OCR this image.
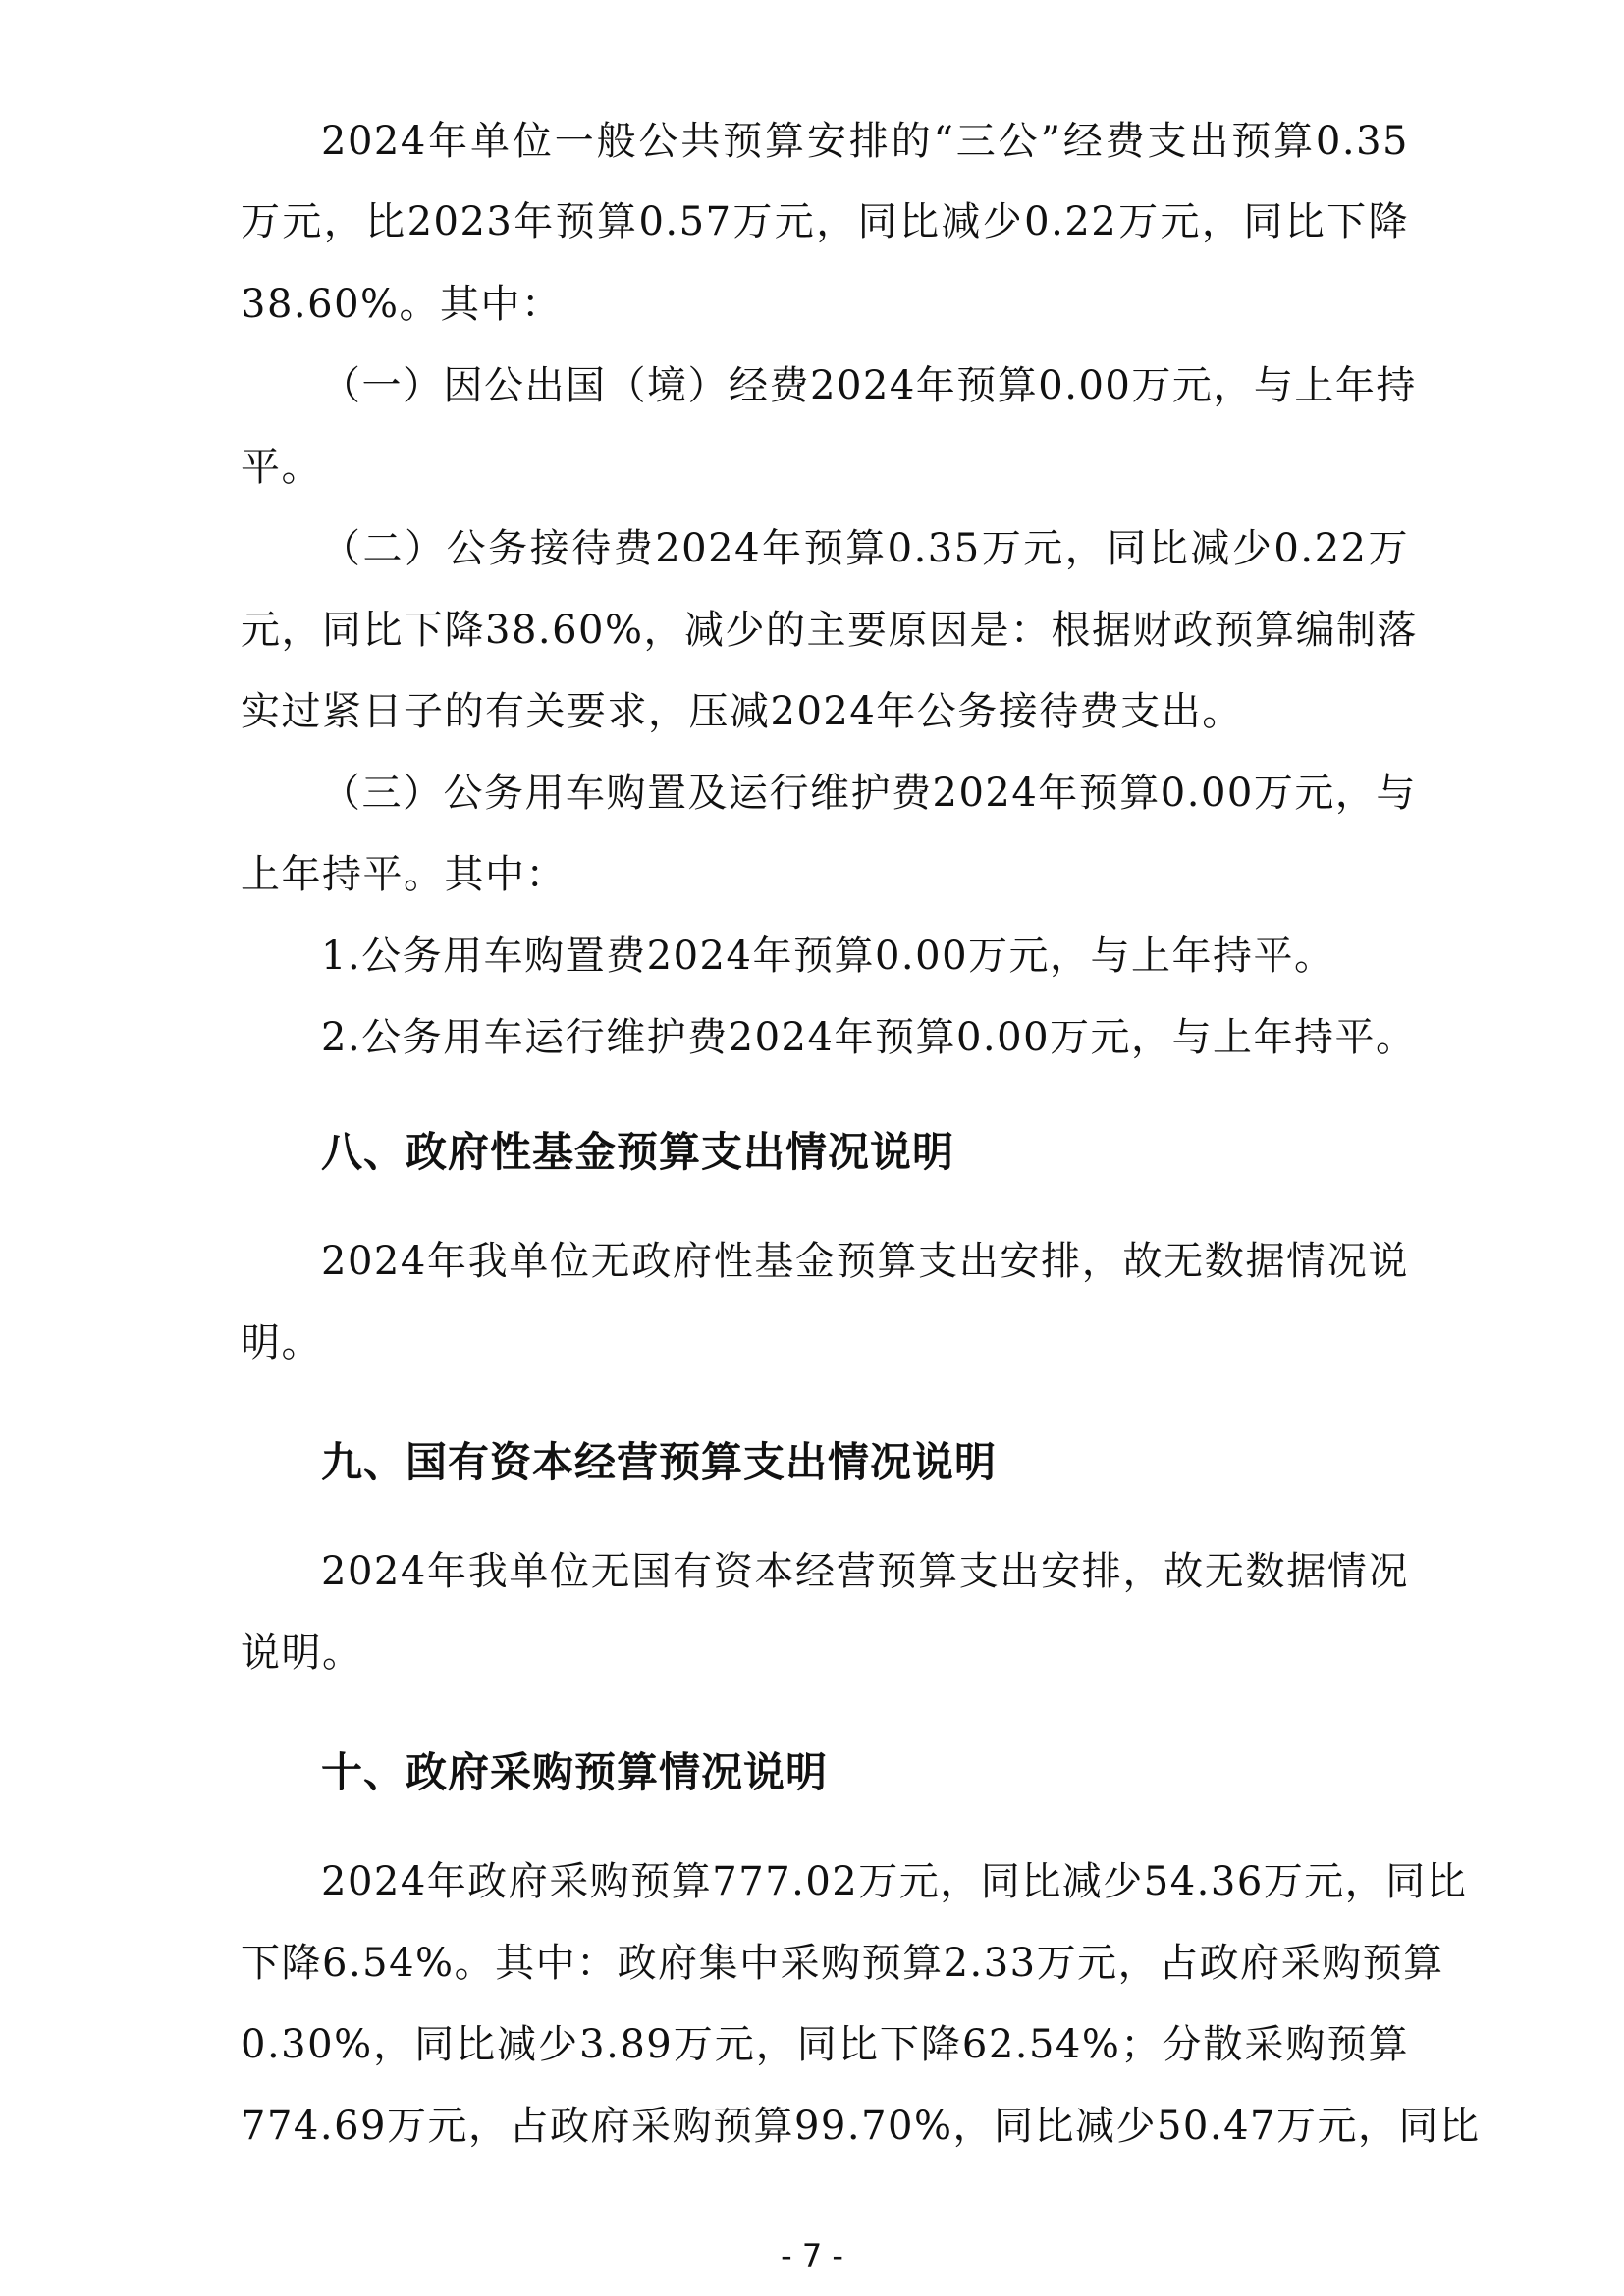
2024年单位一般公共预算安排的“三公”经费支出预算0.35
万元，比2023年预算0.57万元，同比减少0.22万元，同比下降
38.60%。其中：
（一）因公出国（境）经费2024年预算0.00万元，与上年持
平。
（二）公务接待费2024年预算0.35万元，同比减少0.22万
元，同比下降38.60%，减少的主要原因是：根据财政预算编制落
实过紧日子的有关要求，压减2024年公务接待费支出。
（三）公务用车购置及运行维护费2024年预算0.00万元，与
上年持平。其中：
1.公务用车购置费2024年预算0.00万元，与上年持平。
2.公务用车运行维护费2024年预算0.00万元，与上年持平。
八、政府性基金预算支出情况说明
2024年我单位无政府性基金预算支出安排，故无数据情况说
明。
九、国有资本经营预算支出情况说明
2024年我单位无国有资本经营预算支出安排，故无数据情况
说明。
十、政府采购预算情况说明
2024年政府采购预算777.02万元，同比减少54.36万元，同比
下降6.54%。其中：政府集中采购预算2.33万元，占政府采购预算
0.30%，同比减少3.89万元，同比下降62.54%；分散采购预算
774.69万元，占政府采购预算99.70%，同比减少50.47万元，同比
- 7 -
